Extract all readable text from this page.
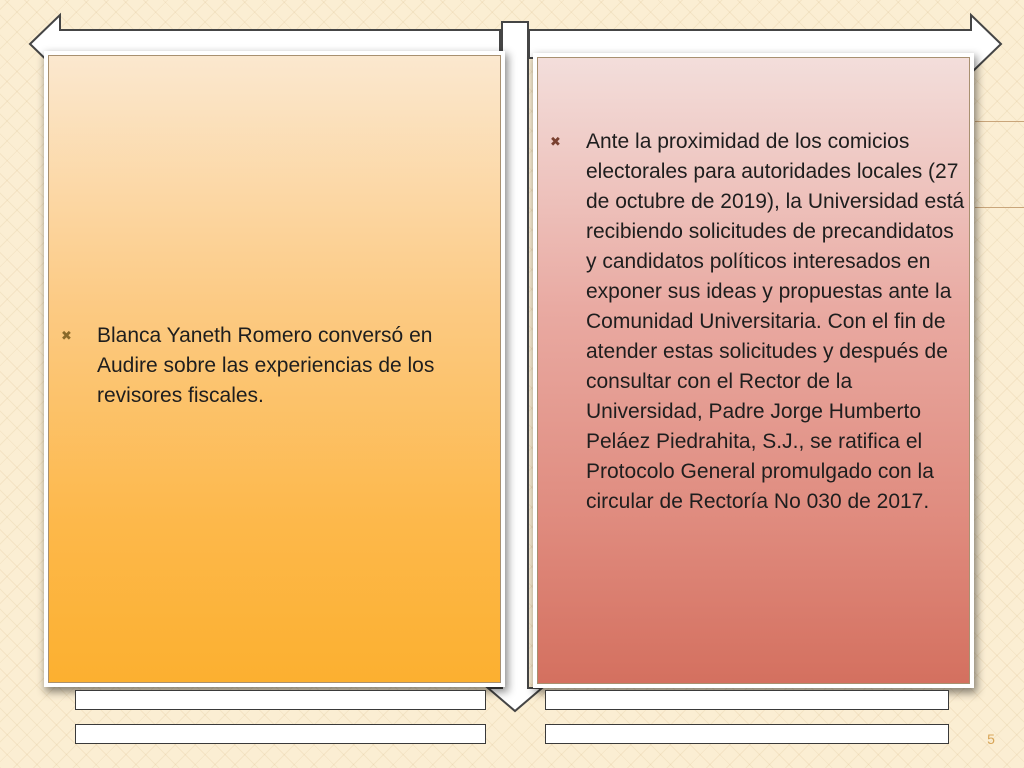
✖	Blanca Yaneth Romero conversó en Audire sobre las experiencias de los revisores fiscales.
✖	Ante la proximidad de los comicios electorales para autoridades locales (27 de octubre de 2019), la Universidad está recibiendo solicitudes de precandidatos y candidatos políticos interesados en exponer sus ideas y propuestas ante la Comunidad Universitaria. Con el fin de atender estas solicitudes y después de consultar con el Rector de la Universidad, Padre Jorge Humberto Peláez Piedrahita, S.J., se ratifica el Protocolo General promulgado con la circular de Rectoría No 030 de 2017.
5
